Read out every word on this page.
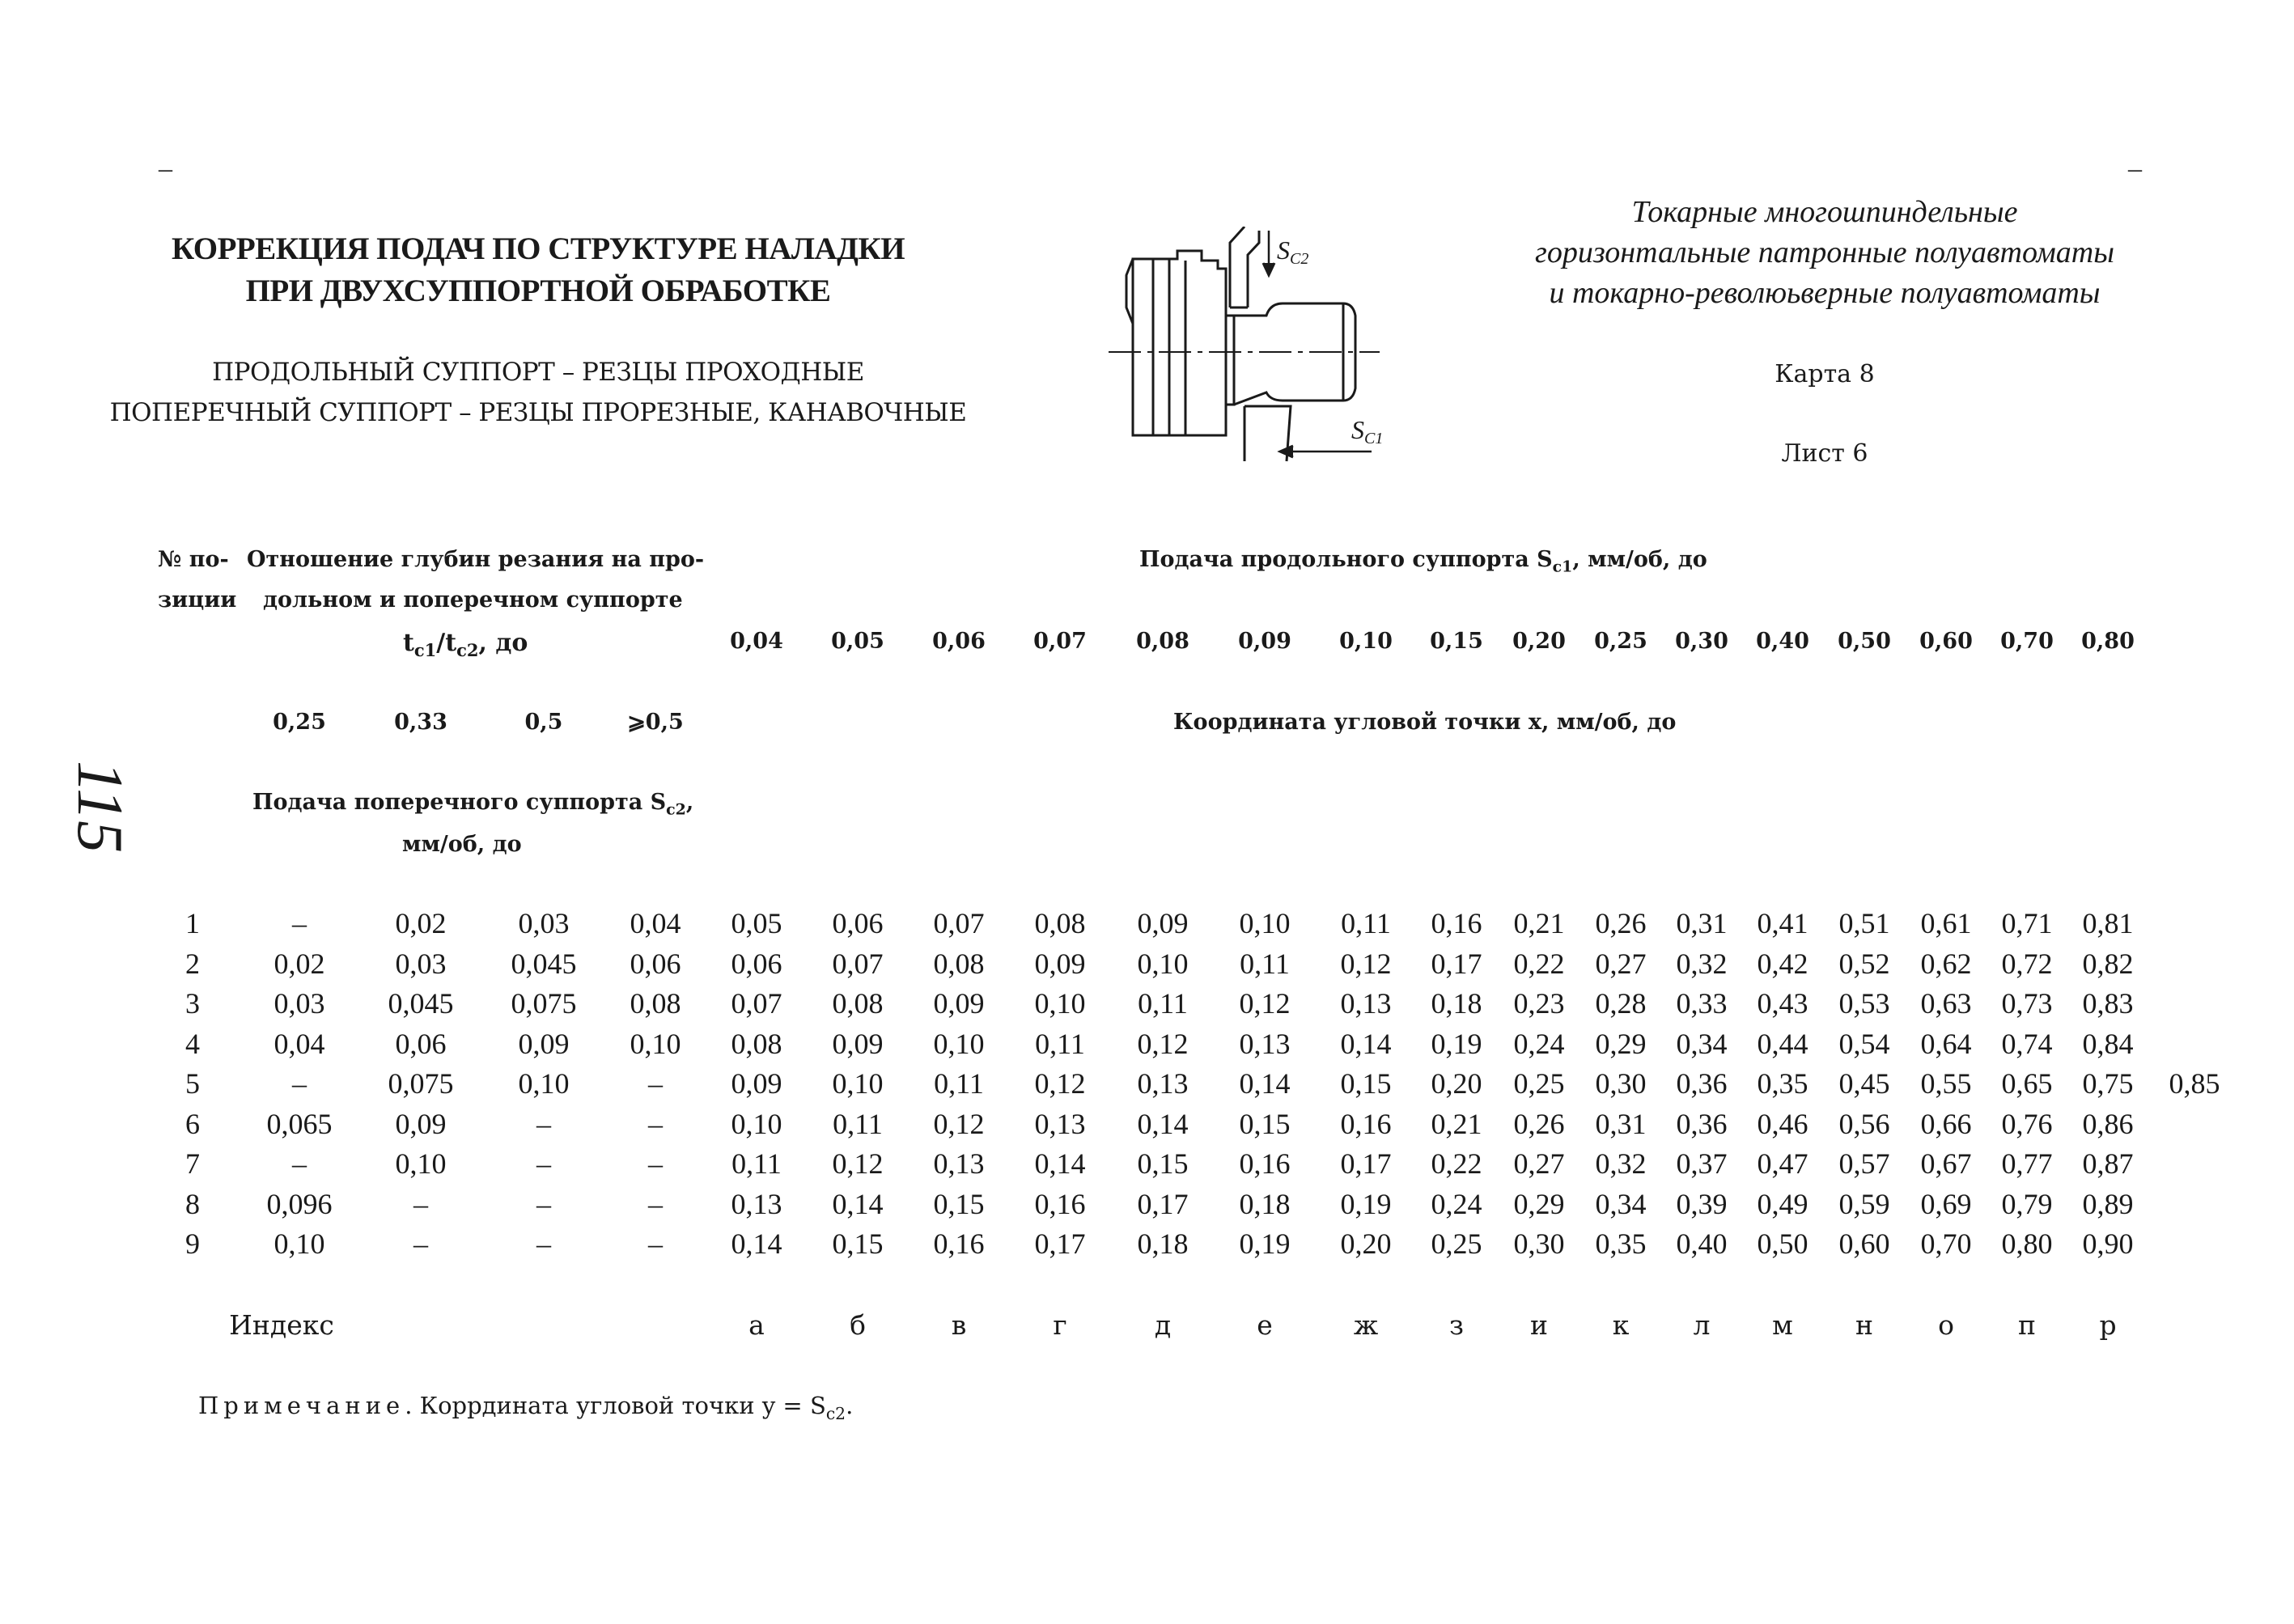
–	–
КОРРЕКЦИЯ ПОДАЧ ПО СТРУКТУРЕ НАЛАДКИ
ПРИ ДВУХСУППОРТНОЙ ОБРАБОТКЕ
ПРОДОЛЬНЫЙ СУППОРТ – РЕЗЦЫ ПРОХОДНЫЕ
ПОПЕРЕЧНЫЙ СУППОРТ – РЕЗЦЫ ПРОРЕЗНЫЕ, КАНАВОЧНЫЕ
Токарные многошпиндельные
горизонтальные патронные полуавтоматы
и токарно-революьверные полуавтоматы
Карта 8
Лист 6
115
SC2
SC1
№ по-
зиции
Отношение глубин резания на про-
дольном и поперечном суппорте
$t_{c1}/t_{c2}$, до
0,25	0,33	0,5	⩾0,5
Подача поперечного суппорта $S_{c2}$,
мм/об, до
Подача продольного суппорта $S_{c1}$, мм/об, до
0,04	0,05	0,06	0,07	0,08	0,09	0,10	0,15	0,20	0,25	0,30	0,40	0,50	0,60	0,70	0,80
Координата угловой точки x, мм/об, до
1	–	0,02	0,03	0,04	0,05	0,06	0,07	0,08	0,09	0,10	0,11	0,16	0,21	0,26	0,31	0,41	0,51	0,61	0,71	0,81
2	0,02	0,03	0,045	0,06	0,06	0,07	0,08	0,09	0,10	0,11	0,12	0,17	0,22	0,27	0,32	0,42	0,52	0,62	0,72	0,82
3	0,03	0,045	0,075	0,08	0,07	0,08	0,09	0,10	0,11	0,12	0,13	0,18	0,23	0,28	0,33	0,43	0,53	0,63	0,73	0,83
4	0,04	0,06	0,09	0,10	0,08	0,09	0,10	0,11	0,12	0,13	0,14	0,19	0,24	0,29	0,34	0,44	0,54	0,64	0,74	0,84
5	–	0,075	0,10	–	0,09	0,10	0,11	0,12	0,13	0,14	0,15	0,20	0,25	0,30	0,36	0,35	0,45	0,55	0,65	0,75	0,85
6	0,065	0,09	–	–	0,10	0,11	0,12	0,13	0,14	0,15	0,16	0,21	0,26	0,31	0,36	0,46	0,56	0,66	0,76	0,86
7	–	0,10	–	–	0,11	0,12	0,13	0,14	0,15	0,16	0,17	0,22	0,27	0,32	0,37	0,47	0,57	0,67	0,77	0,87
8	0,096	–	–	–	0,13	0,14	0,15	0,16	0,17	0,18	0,19	0,24	0,29	0,34	0,39	0,49	0,59	0,69	0,79	0,89
9	0,10	–	–	–	0,14	0,15	0,16	0,17	0,18	0,19	0,20	0,25	0,30	0,35	0,40	0,50	0,60	0,70	0,80	0,90
Индекс	а	б	в	г	д	е	ж	з	и	к	л	м	н	о	п	р
Примечание. Коррдината угловой точки $y = S_{c2}$.
